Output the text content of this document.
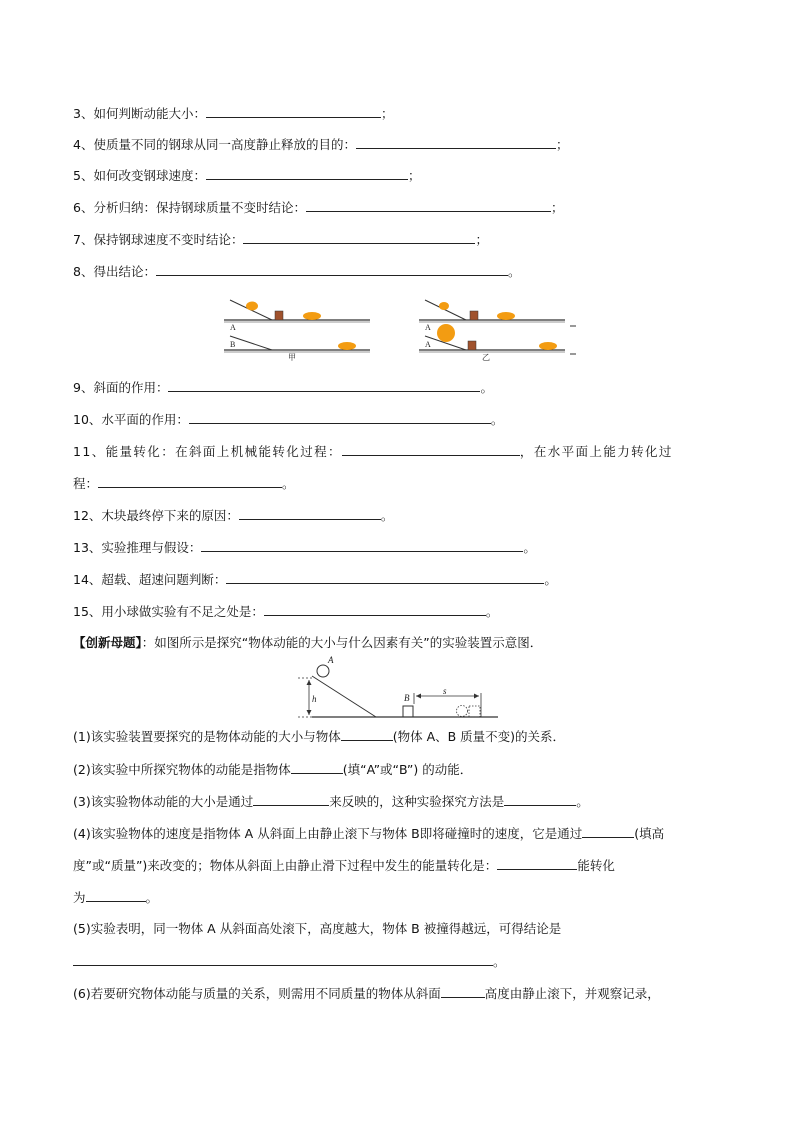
3、如何判断动能大小：	；
4、使质量不同的钢球从同一高度静止释放的目的：	；
5、如何改变钢球速度：	；
6、分析归纳：保持钢球质量不变时结论：	；
7、保持钢球速度不变时结论：	；
8、得出结论：	。
A
B
甲
A
A
乙
9、斜面的作用：	。
10、水平面的作用：	。
11、能量转化：在斜面上机械能转化过程：	，在水平面上能力转化过
程：	。
12、木块最终停下来的原因：	。
13、实验推理与假设：	。
14、超载、超速问题判断：	。
15、用小球做实验有不足之处是：	。
【创新母题】：如图所示是探究“物体动能的大小与什么因素有关”的实验装置示意图．
h
A
B
s
(1)该实验装置要探究的是物体动能的大小与物体	(物体 A、B 质量不变)的关系．
(2)该实验中所探究物体的动能是指物体	(填“A”或“B”) 的动能．
(3)该实验物体动能的大小是通过	来反映的，这种实验探究方法是	。
(4)该实验物体的速度是指物体 A 从斜面上由静止滚下与物体 B即将碰撞时的速度，它是通过	(填高
度”或“质量”)来改变的；物体从斜面上由静止滑下过程中发生的能量转化是：	能转化
为	。
(5)实验表明，同一物体 A 从斜面高处滚下，高度越大，物体 B 被撞得越远，可得结论是
。
(6)若要研究物体动能与质量的关系，则需用不同质量的物体从斜面	高度由静止滚下，并观察记录，
